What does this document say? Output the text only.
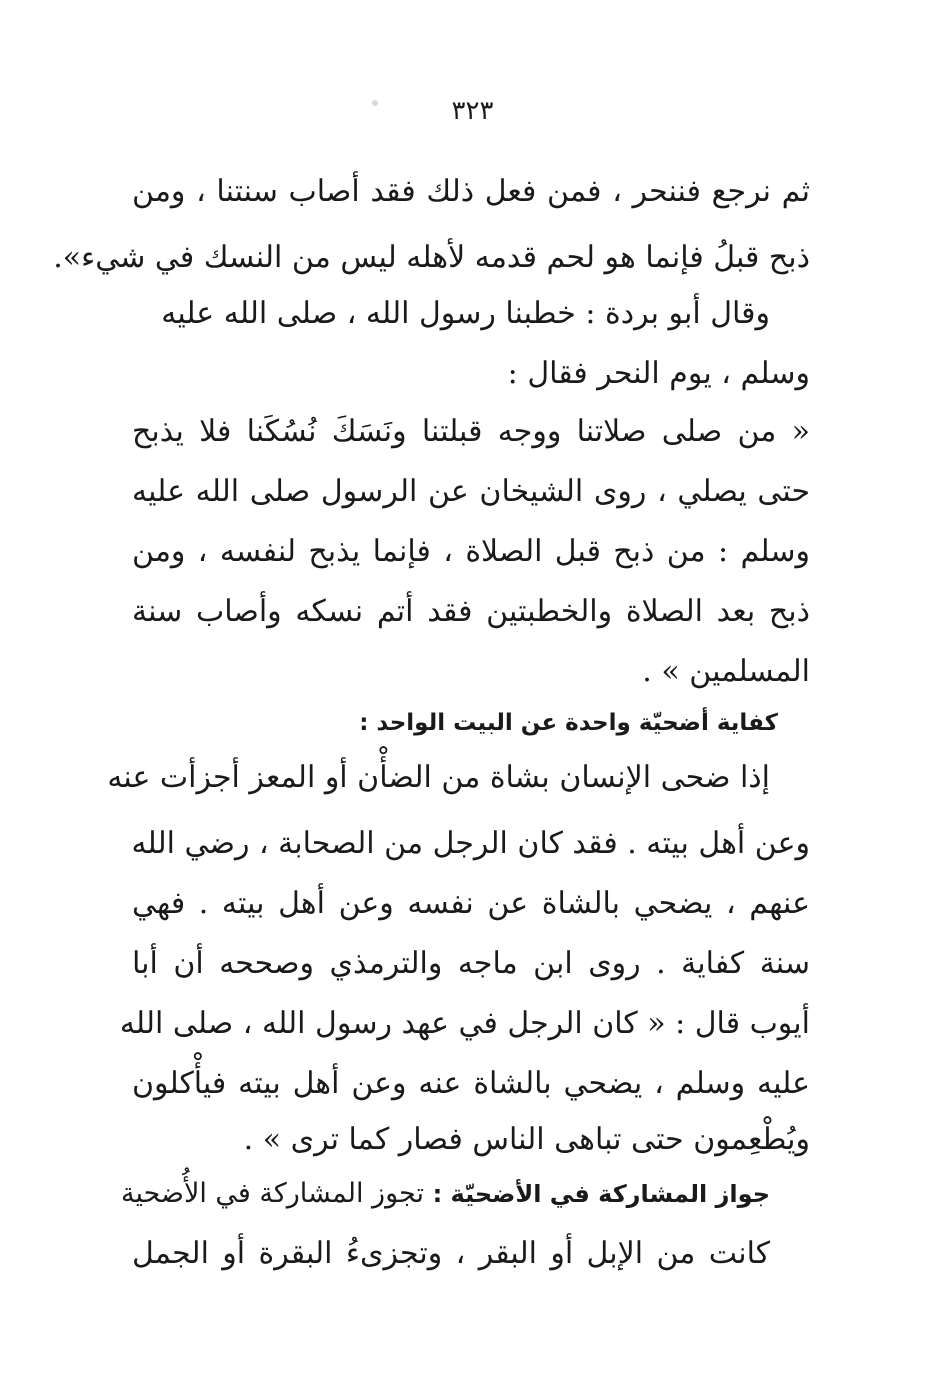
٣٢٣
ثم نرجع فننحر ، فمن فعل ذلك فقد أصاب سنتنا ، ومن
ذبح قبلُ فإنما هو لحم قدمه لأهله ليس من النسك في شيء».
وقال أبو بردة : خطبنا رسول الله ، صلى الله عليه
وسلم ، يوم النحر فقال :
« من صلى صلاتنا ووجه قبلتنا ونَسَكَ نُسُكَنا فلا يذبح
حتى يصلي ، روى الشيخان عن الرسول صلى الله عليه
وسلم : من ذبح قبل الصلاة ، فإنما يذبح لنفسه ، ومن
ذبح بعد الصلاة والخطبتين فقد أتم نسكه وأصاب سنة
المسلمين » .
كفاية أضحيّة واحدة عن البيت الواحد :
إذا ضحى الإنسان بشاة من الضأْن أو المعز أجزأت عنه
وعن أهل بيته . فقد كان الرجل من الصحابة ، رضي الله
عنهم ، يضحي بالشاة عن نفسه وعن أهل بيته . فهي
سنة كفاية . روى ابن ماجه والترمذي وصححه أن أبا
أيوب قال : « كان الرجل في عهد رسول الله ، صلى الله
عليه وسلم ، يضحي بالشاة عنه وعن أهل بيته فيأْكلون
ويُطْعِمون حتى تباهى الناس فصار كما ترى » .
جواز المشاركة في الأضحيّة : تجوز المشاركة في الأُضحية
كانت من الإبل أو البقر ، وتجزىءُ البقرة أو الجمل
